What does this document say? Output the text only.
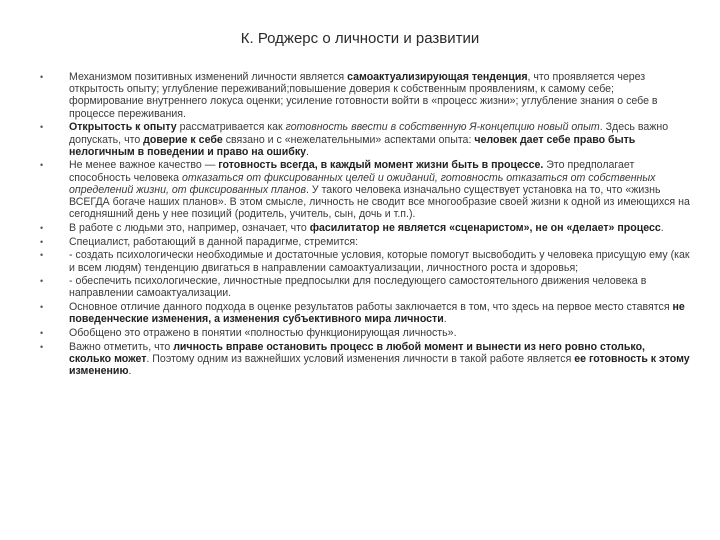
К. Роджерс о личности и развитии
• Механизмом позитивных изменений личности является самоактуализирующая тенденция, что проявляется через открытость опыту; углубление переживаний;повышение доверия к собственным проявлениям, к самому себе; формирование внутреннего локуса оценки; усиление готовности войти в «процесс жизни»; углубление знания о себе в процессе переживания.
• Открытость к опыту рассматривается как готовность ввести в собственную Я-концепцию новый опыт. Здесь важно допускать, что доверие к себе связано и с «нежелательными» аспектами опыта: человек дает себе право быть нелогичным в поведении и право на ошибку.
• Не менее важное качество — готовность всегда, в каждый момент жизни быть в процессе. Это предполагает способность человека отказаться от фиксированных целей и ожиданий, готовность отказаться от собственных определений жизни, от фиксированных планов. У такого человека изначально существует установка на то, что «жизнь ВСЕГДА богаче наших планов». В этом смысле, личность не сводит все многообразие своей жизни к одной из имеющихся на сегодняшний день у нее позиций (родитель, учитель, сын, дочь и т.п.).
• В работе с людьми это, например, означает, что фасилитатор не является «сценаристом», не он «делает» процесс.
• Специалист, работающий в данной парадигме, стремится:
• - создать психологически необходимые и достаточные условия, которые помогут высвободить у человека присущую ему (как и всем людям) тенденцию двигаться в направлении самоактуализации, личностного роста и здоровья;
• - обеспечить психологические, личностные предпосылки для последующего самостоятельного движения человека в направлении самоактуализации.
• Основное отличие данного подхода в оценке результатов работы заключается в том, что здесь на первое место ставятся не поведенческие изменения, а изменения субъективного мира личности.
• Обобщено это отражено в понятии «полностью функционирующая личность».
• Важно отметить, что личность вправе остановить процесс в любой момент и вынести из него ровно столько, сколько может. Поэтому одним из важнейших условий изменения личности в такой работе является ее готовность к этому изменению.
